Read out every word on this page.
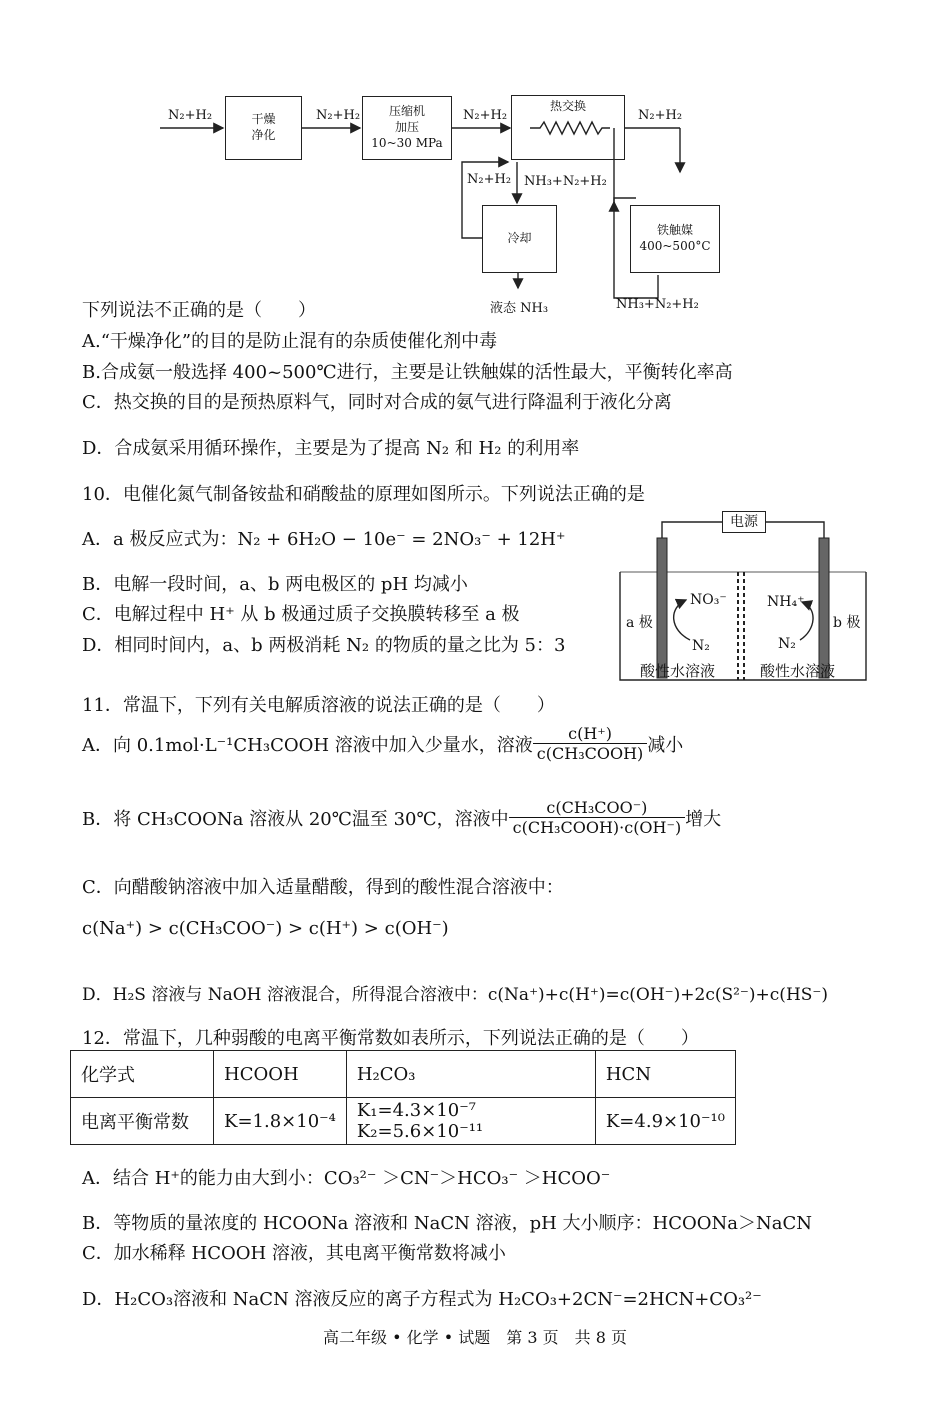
N₂+H₂	干燥
净化
N₂+H₂	压缩机
加压
10~30 MPa
N₂+H₂
热交换
N₂+H₂
N₂+H₂ NH₃+N₂+H₂
冷却
铁触媒
400~500°C
液态 NH₃	NH₃+N₂+H₂
下列说法不正确的是（　　）
A.“干燥净化”的目的是防止混有的杂质使催化剂中毒
B.合成氨一般选择 400~500℃进行，主要是让铁触媒的活性最大，平衡转化率高
C．热交换的目的是预热原料气，同时对合成的氨气进行降温利于液化分离
D．合成氨采用循环操作，主要是为了提高 N₂ 和 H₂ 的利用率
10．电催化氮气制备铵盐和硝酸盐的原理如图所示。下列说法正确的是
A．a 极反应式为：N₂ + 6H₂O − 10e⁻ = 2NO₃⁻ + 12H⁺
B．电解一段时间，a、b 两电极区的 pH 均减小
C．电解过程中 H⁺ 从 b 极通过质子交换膜转移至 a 极
D．相同时间内，a、b 两极消耗 N₂ 的物质的量之比为 5：3
电源
a 极	b 极
NO₃⁻
N₂
NH₄⁺
N₂
酸性水溶液	酸性水溶液
11．常温下，下列有关电解质溶液的说法正确的是（　　）
A．向 0.1mol·L⁻¹CH₃COOH 溶液中加入少量水，溶液 $\frac{c(H^+)}{\text{c(CH₃COOH)}}$ 减小
B．将 CH₃COONa 溶液从 20℃温至 30℃，溶液中 $\frac{\text{c(CH₃COO⁻)}}{\text{c(CH₃COOH)·c(OH⁻)}}$ 增大
C．向醋酸钠溶液中加入适量醋酸，得到的酸性混合溶液中：
c(Na⁺) > c(CH₃COO⁻) > c(H⁺) > c(OH⁻)
D．H₂S 溶液与 NaOH 溶液混合，所得混合溶液中：c(Na⁺)+c(H⁺)=c(OH⁻)+2c(S²⁻)+c(HS⁻)
12．常温下，几种弱酸的电离平衡常数如表所示，下列说法正确的是（　　）
化学式	HCOOH	H₂CO₃	HCN
电离平衡常数	K=1.8×10⁻⁴	K₁=4.3×10⁻⁷ K₂=5.6×10⁻¹¹	K=4.9×10⁻¹⁰
A．结合 H⁺的能力由大到小：CO₃²⁻ ＞CN⁻＞HCO₃⁻ ＞HCOO⁻
B．等物质的量浓度的 HCOONa 溶液和 NaCN 溶液，pH 大小顺序：HCOONa＞NaCN
C．加水稀释 HCOOH 溶液，其电离平衡常数将减小
D．H₂CO₃溶液和 NaCN 溶液反应的离子方程式为 H₂CO₃+2CN⁻=2HCN+CO₃²⁻
高二年级 • 化学 • 试题　第 3 页　共 8 页
